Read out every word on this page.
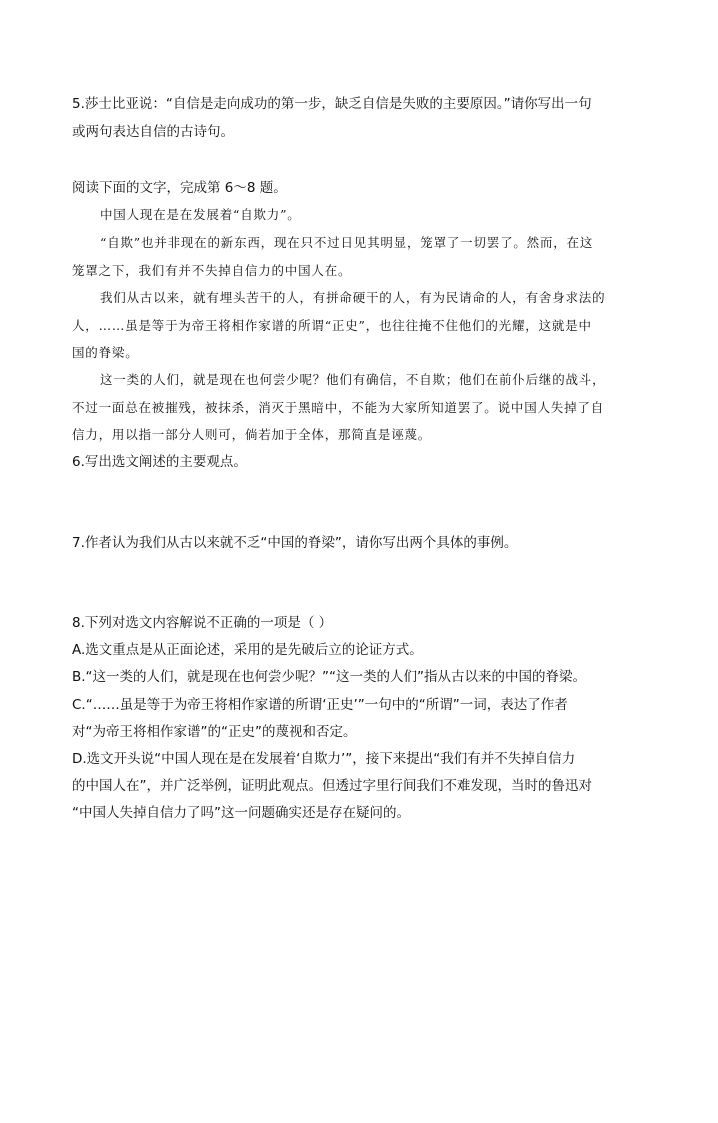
5.莎士比亚说：“自信是走向成功的第一步，缺乏自信是失败的主要原因。”请你写出一句
或两句表达自信的古诗句。
阅读下面的文字，完成第 6～8 题。
中国人现在是在发展着“自欺力”。
“自欺”也并非现在的新东西，现在只不过日见其明显，笼罩了一切罢了。然而，在这
笼罩之下，我们有并不失掉自信力的中国人在。
我们从古以来，就有埋头苦干的人，有拼命硬干的人，有为民请命的人，有舍身求法的
人，……虽是等于为帝王将相作家谱的所谓“正史”，也往往掩不住他们的光耀，这就是中
国的脊梁。
这一类的人们，就是现在也何尝少呢？他们有确信，不自欺；他们在前仆后继的战斗，
不过一面总在被摧残，被抹杀，消灭于黑暗中，不能为大家所知道罢了。说中国人失掉了自
信力，用以指一部分人则可，倘若加于全体，那简直是诬蔑。
6.写出选文阐述的主要观点。
7.作者认为我们从古以来就不乏“中国的脊梁”，请你写出两个具体的事例。
8.下列对选文内容解说不正确的一项是（ ）
A.选文重点是从正面论述，采用的是先破后立的论证方式。
B.“这一类的人们，就是现在也何尝少呢？”“这一类的人们”指从古以来的中国的脊梁。
C.“……虽是等于为帝王将相作家谱的所谓‘正史’”一句中的“所谓”一词，表达了作者
对“为帝王将相作家谱”的“正史”的蔑视和否定。
D.选文开头说“中国人现在是在发展着‘自欺力’”，接下来提出“我们有并不失掉自信力
的中国人在”，并广泛举例，证明此观点。但透过字里行间我们不难发现，当时的鲁迅对
“中国人失掉自信力了吗”这一问题确实还是存在疑问的。
